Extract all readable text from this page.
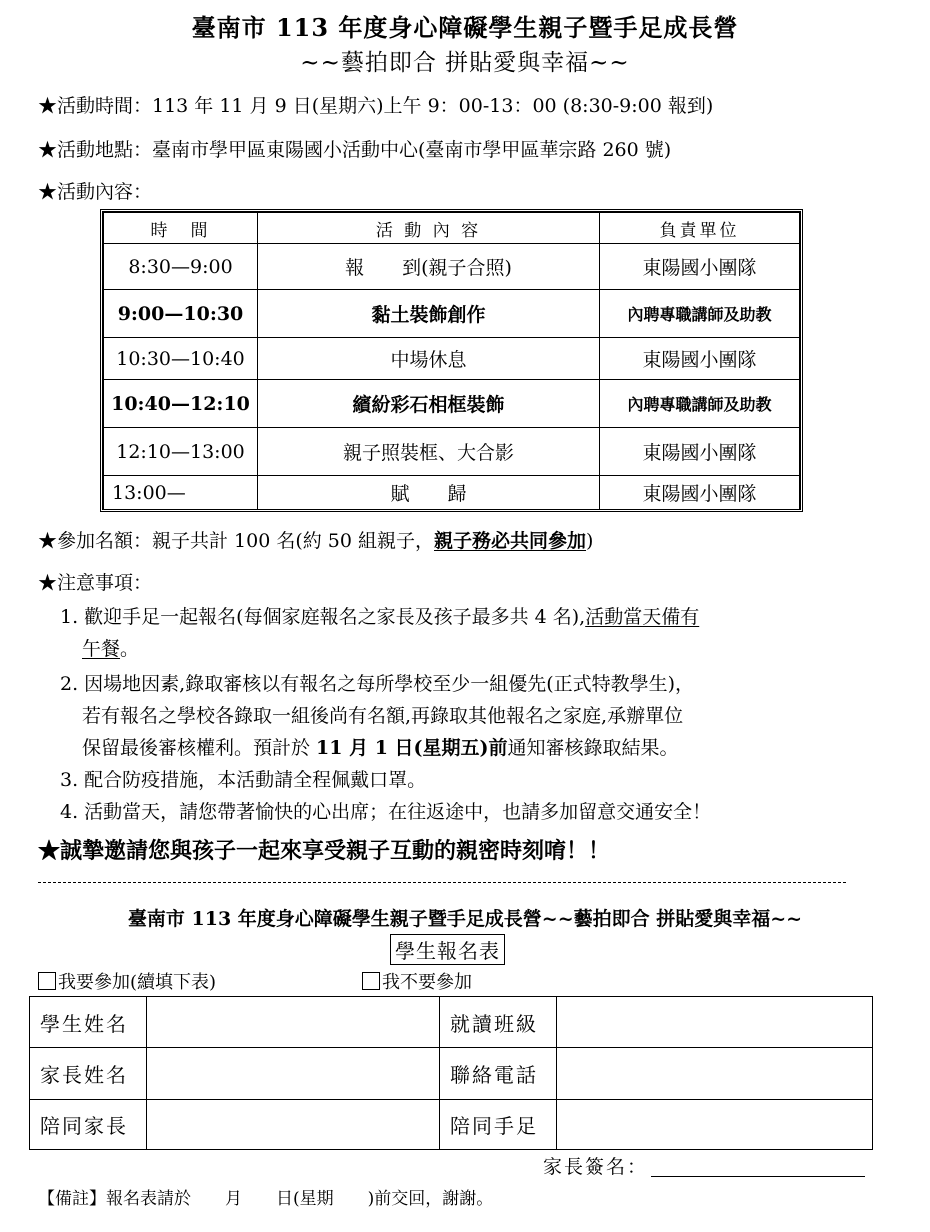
臺南市 113 年度身心障礙學生親子暨手足成長營
~~藝拍即合 拼貼愛與幸福~~
★活動時間：113 年 11 月 9 日(星期六)上午 9：00-13：00 (8:30-9:00 報到)
★活動地點：臺南市學甲區東陽國小活動中心(臺南市學甲區華宗路 260 號)
★活動內容：
時　間	活 動 內 容	負責單位
8:30—9:00	報　　到(親子合照)	東陽國小團隊
9:00—10:30	黏土裝飾創作	內聘專職講師及助教
10:30—10:40	中場休息	東陽國小團隊
10:40—12:10	繽紛彩石相框裝飾	內聘專職講師及助教
12:10—13:00	親子照裝框、大合影	東陽國小團隊
13:00—	賦　　歸	東陽國小團隊
★參加名額：親子共計 100 名(約 50 組親子，親子務必共同參加)
★注意事項：
1. 歡迎手足一起報名(每個家庭報名之家長及孩子最多共 4 名),活動當天備有
午餐。
2. 因場地因素,錄取審核以有報名之每所學校至少一組優先(正式特教學生)，
若有報名之學校各錄取一組後尚有名額,再錄取其他報名之家庭,承辦單位
保留最後審核權利。預計於 11 月 1 日(星期五)前通知審核錄取結果。
3. 配合防疫措施，本活動請全程佩戴口罩。
4. 活動當天，請您帶著愉快的心出席；在往返途中，也請多加留意交通安全！
★誠摯邀請您與孩子一起來享受親子互動的親密時刻唷！！
臺南市 113 年度身心障礙學生親子暨手足成長營~~藝拍即合 拼貼愛與幸福~~
學生報名表
我要參加(續填下表)	我不要參加
學生姓名		就讀班級	
家長姓名		聯絡電話	
陪同家長		陪同手足	
家長簽名：
【備註】報名表請於　　月　　日(星期　　)前交回，謝謝。
